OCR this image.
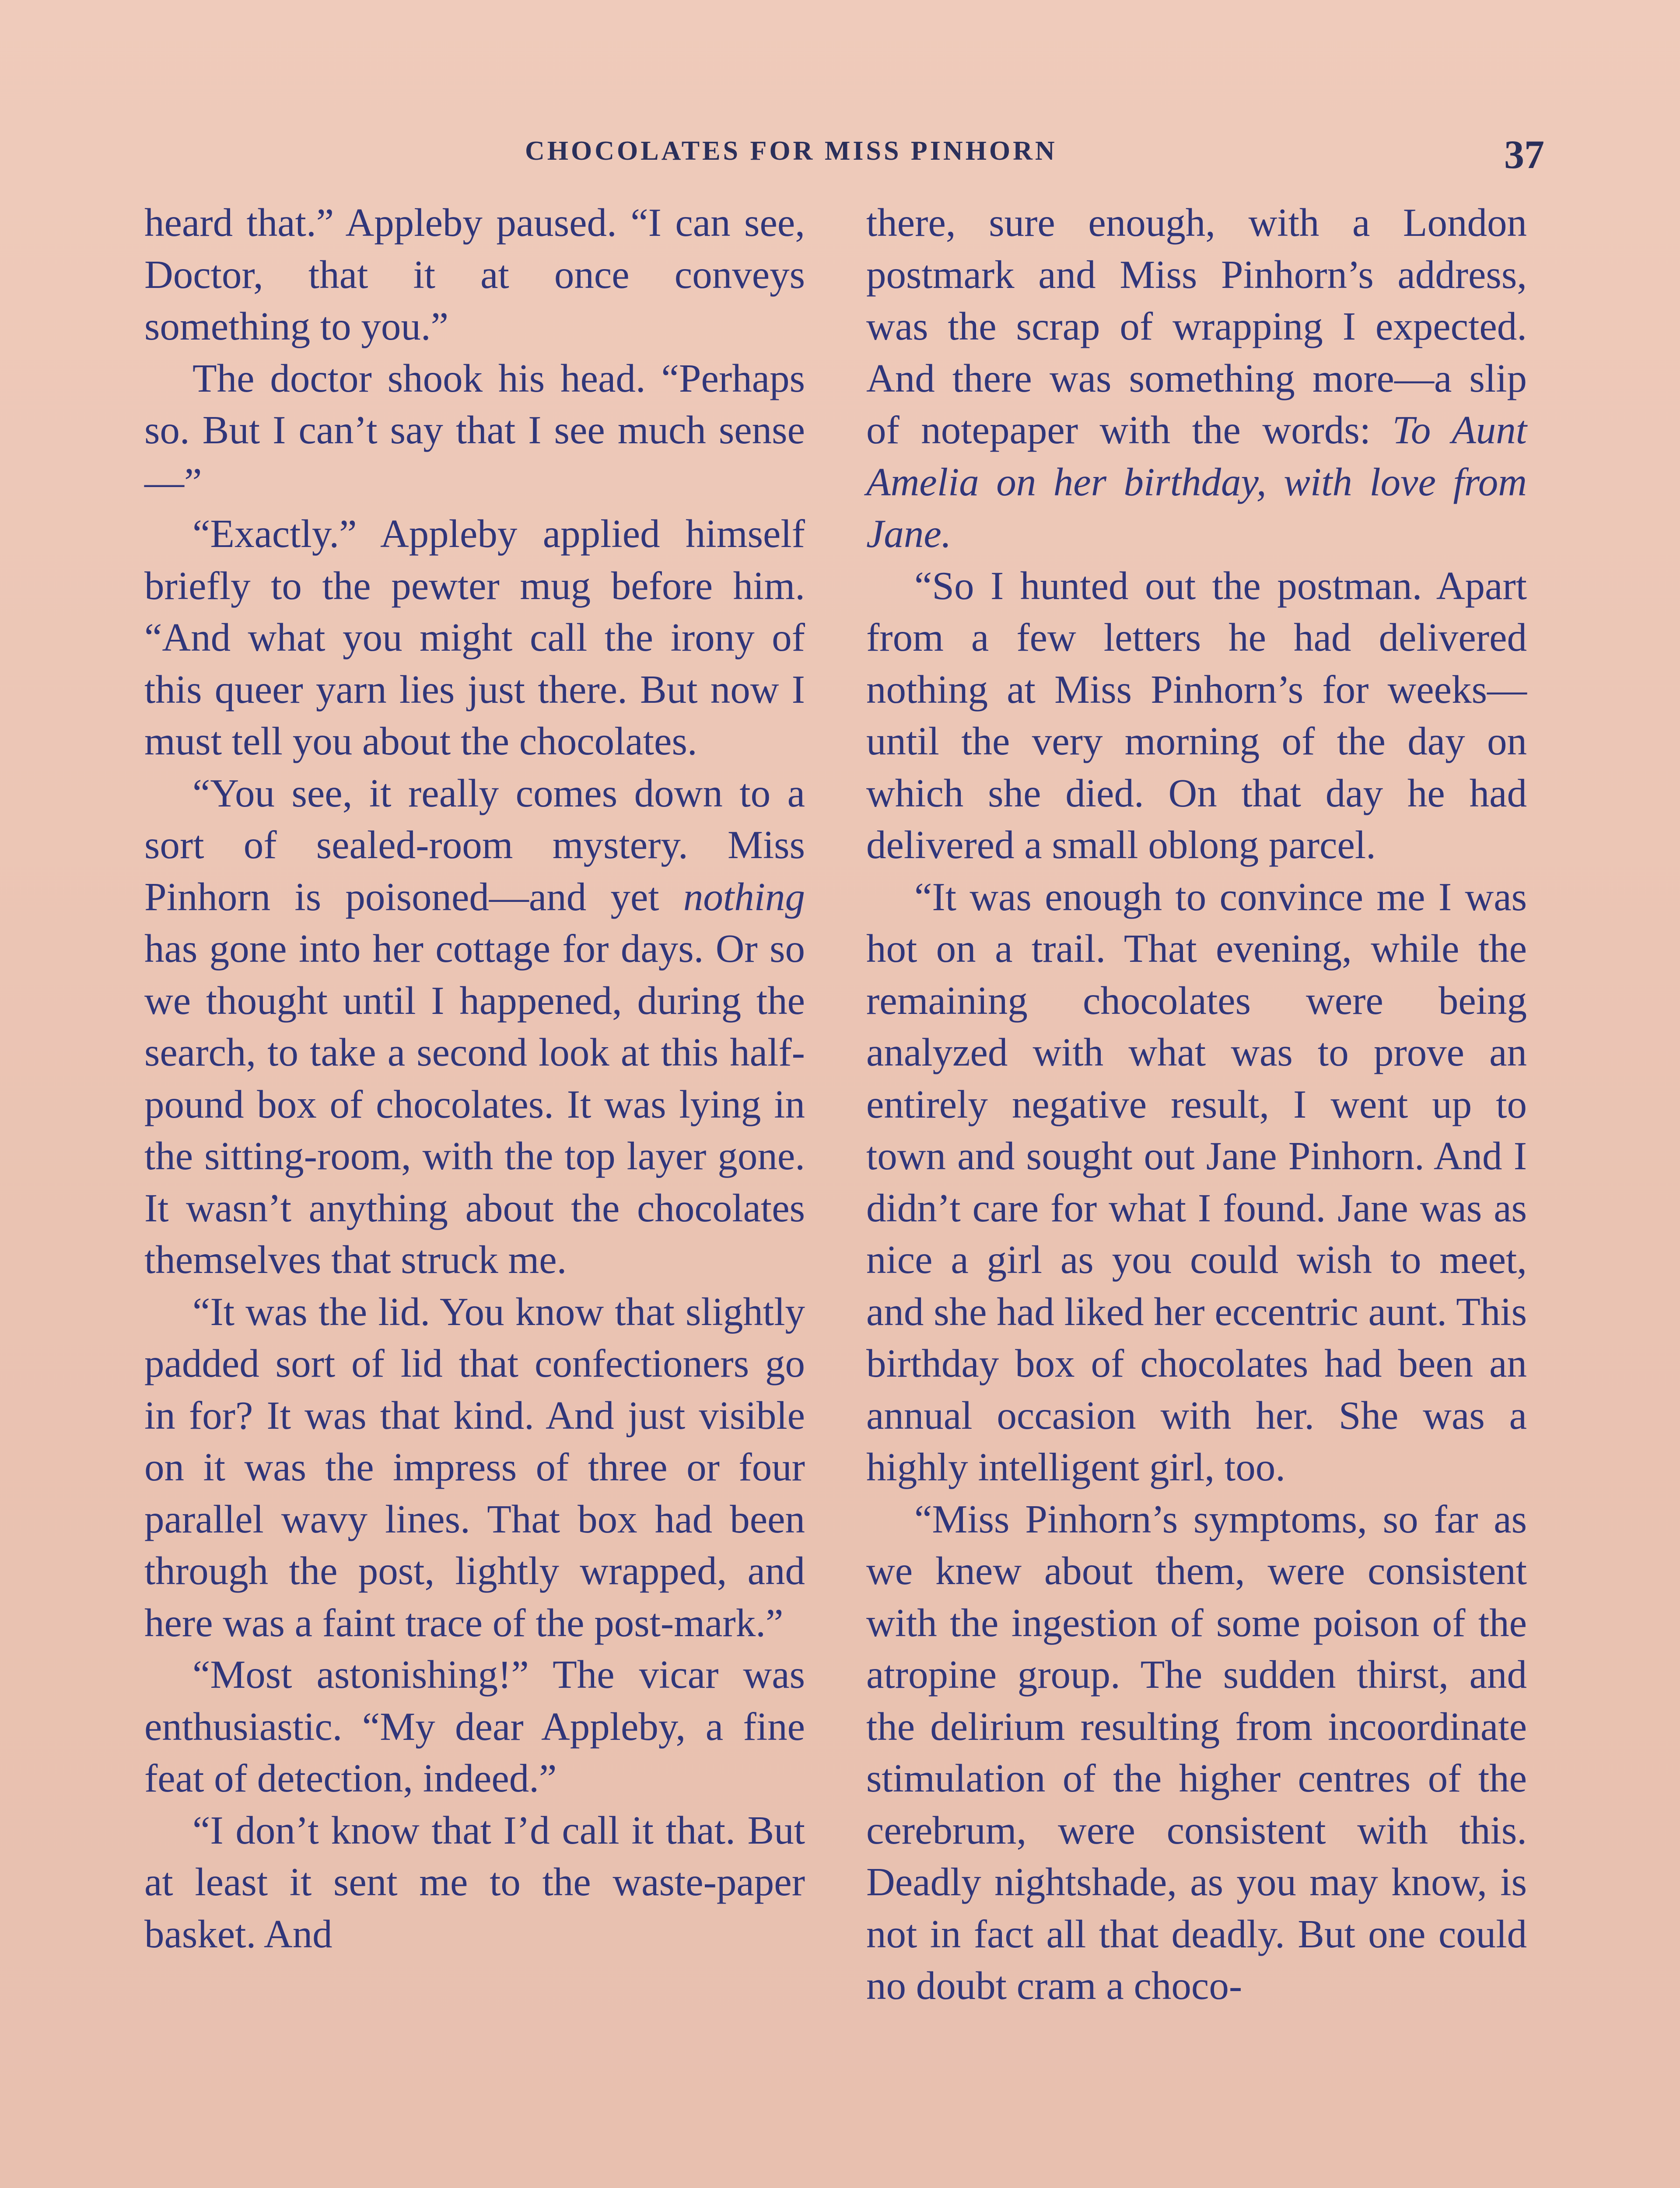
CHOCOLATES FOR MISS PINHORN	37

heard that.” Appleby paused. “I can see, Doctor, that it at once conveys something to you.”

The doctor shook his head. “Perhaps so. But I can’t say that I see much sense—”

“Exactly.” Appleby applied himself briefly to the pewter mug before him. “And what you might call the irony of this queer yarn lies just there. But now I must tell you about the chocolates.

“You see, it really comes down to a sort of sealed-room mystery. Miss Pinhorn is poisoned—and yet nothing has gone into her cottage for days. Or so we thought until I happened, during the search, to take a second look at this half-pound box of chocolates. It was lying in the sitting-room, with the top layer gone. It wasn’t anything about the chocolates themselves that struck me.

“It was the lid. You know that slightly padded sort of lid that confectioners go in for? It was that kind. And just visible on it was the impress of three or four parallel wavy lines. That box had been through the post, lightly wrapped, and here was a faint trace of the post-mark.”

“Most astonishing!” The vicar was enthusiastic. “My dear Appleby, a fine feat of detection, indeed.”

“I don’t know that I’d call it that. But at least it sent me to the waste-paper basket. And

there, sure enough, with a London postmark and Miss Pinhorn’s address, was the scrap of wrapping I expected. And there was something more—a slip of notepaper with the words: To Aunt Amelia on her birthday, with love from Jane.

“So I hunted out the postman. Apart from a few letters he had delivered nothing at Miss Pinhorn’s for weeks—until the very morning of the day on which she died. On that day he had delivered a small oblong parcel.

“It was enough to convince me I was hot on a trail. That evening, while the remaining chocolates were being analyzed with what was to prove an entirely negative result, I went up to town and sought out Jane Pinhorn. And I didn’t care for what I found. Jane was as nice a girl as you could wish to meet, and she had liked her eccentric aunt. This birthday box of chocolates had been an annual occasion with her. She was a highly intelligent girl, too.

“Miss Pinhorn’s symptoms, so far as we knew about them, were consistent with the ingestion of some poison of the atropine group. The sudden thirst, and the delirium resulting from incoordinate stimulation of the higher centres of the cerebrum, were consistent with this. Deadly nightshade, as you may know, is not in fact all that deadly. But one could no doubt cram a choco-
